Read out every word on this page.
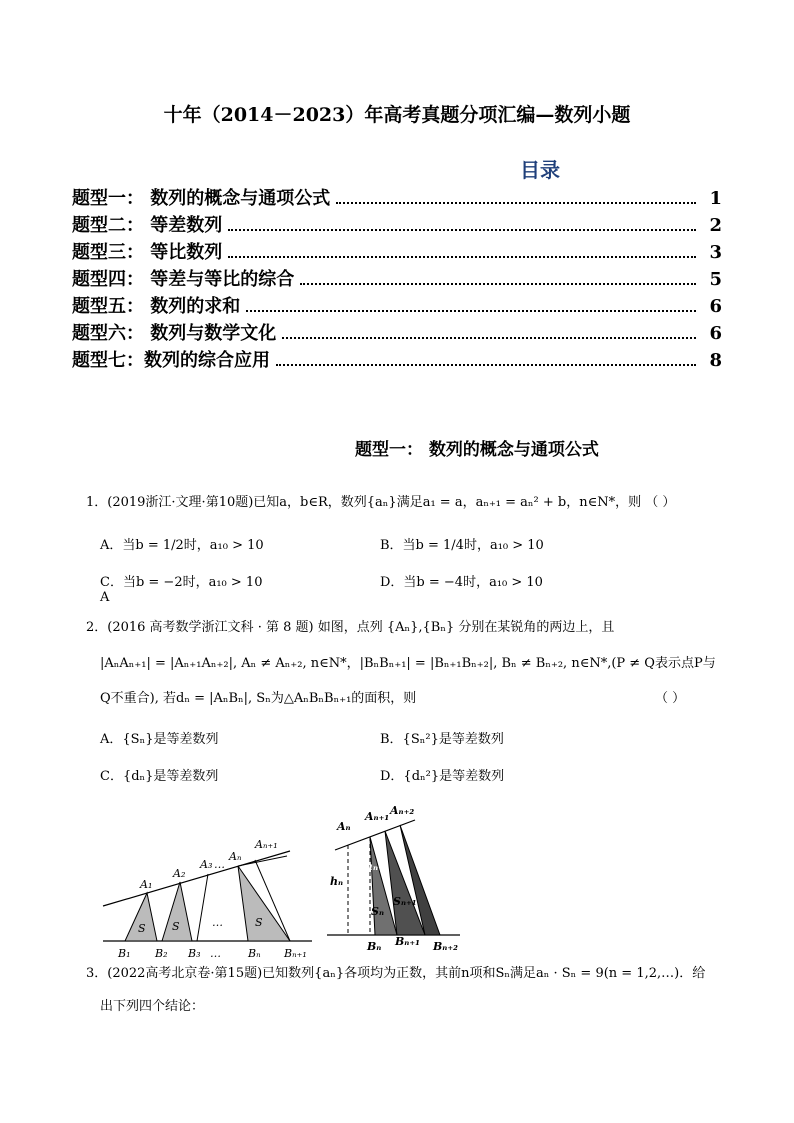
十年（2014－2023）年高考真题分项汇编—数列小题
目录
题型一： 数列的概念与通项公式	1
题型二： 等差数列	2
题型三： 等比数列	3
题型四： 等差与等比的综合	5
题型五： 数列的求和	6
题型六： 数列与数学文化	6
题型七：数列的综合应用	8
题型一： 数列的概念与通项公式
1．(2019浙江·文理·第10题)已知a，b∈R，数列{aₙ}满足a₁ = a，aₙ₊₁ = aₙ² + b，n∈N*，则 （ ）
A．当b = 1/2时，a₁₀ > 10	B．当b = 1/4时，a₁₀ > 10
C．当b = −2时，a₁₀ > 10	D．当b = −4时，a₁₀ > 10
A
2．(2016 高考数学浙江文科 · 第 8 题) 如图，点列 {Aₙ},{Bₙ} 分别在某锐角的两边上，且
|AₙAₙ₊₁| = |Aₙ₊₁Aₙ₊₂|, Aₙ ≠ Aₙ₊₂, n∈N*，|BₙBₙ₊₁| = |Bₙ₊₁Bₙ₊₂|, Bₙ ≠ Bₙ₊₂, n∈N*,(P ≠ Q表示点P与
Q不重合), 若dₙ = |AₙBₙ|, Sₙ为△AₙBₙBₙ₊₁的面积，则	（ ）
A．{Sₙ}是等差数列	B．{Sₙ²}是等差数列
C．{dₙ}是等差数列	D．{dₙ²}是等差数列
A₁
A₂
A₃ …
Aₙ
Aₙ₊₁
B₁ B₂ B₃ … Bₙ Bₙ₊₁
S S	…	S
Aₙ
Aₙ₊₁ Aₙ₊₂
hₙ
hₙ₊₁
Sₙ
Sₙ₊₁
Bₙ Bₙ₊₁ Bₙ₊₂
3．(2022高考北京卷·第15题)已知数列{aₙ}各项均为正数，其前n项和Sₙ满足aₙ · Sₙ = 9(n = 1,2,…)．给
出下列四个结论：
